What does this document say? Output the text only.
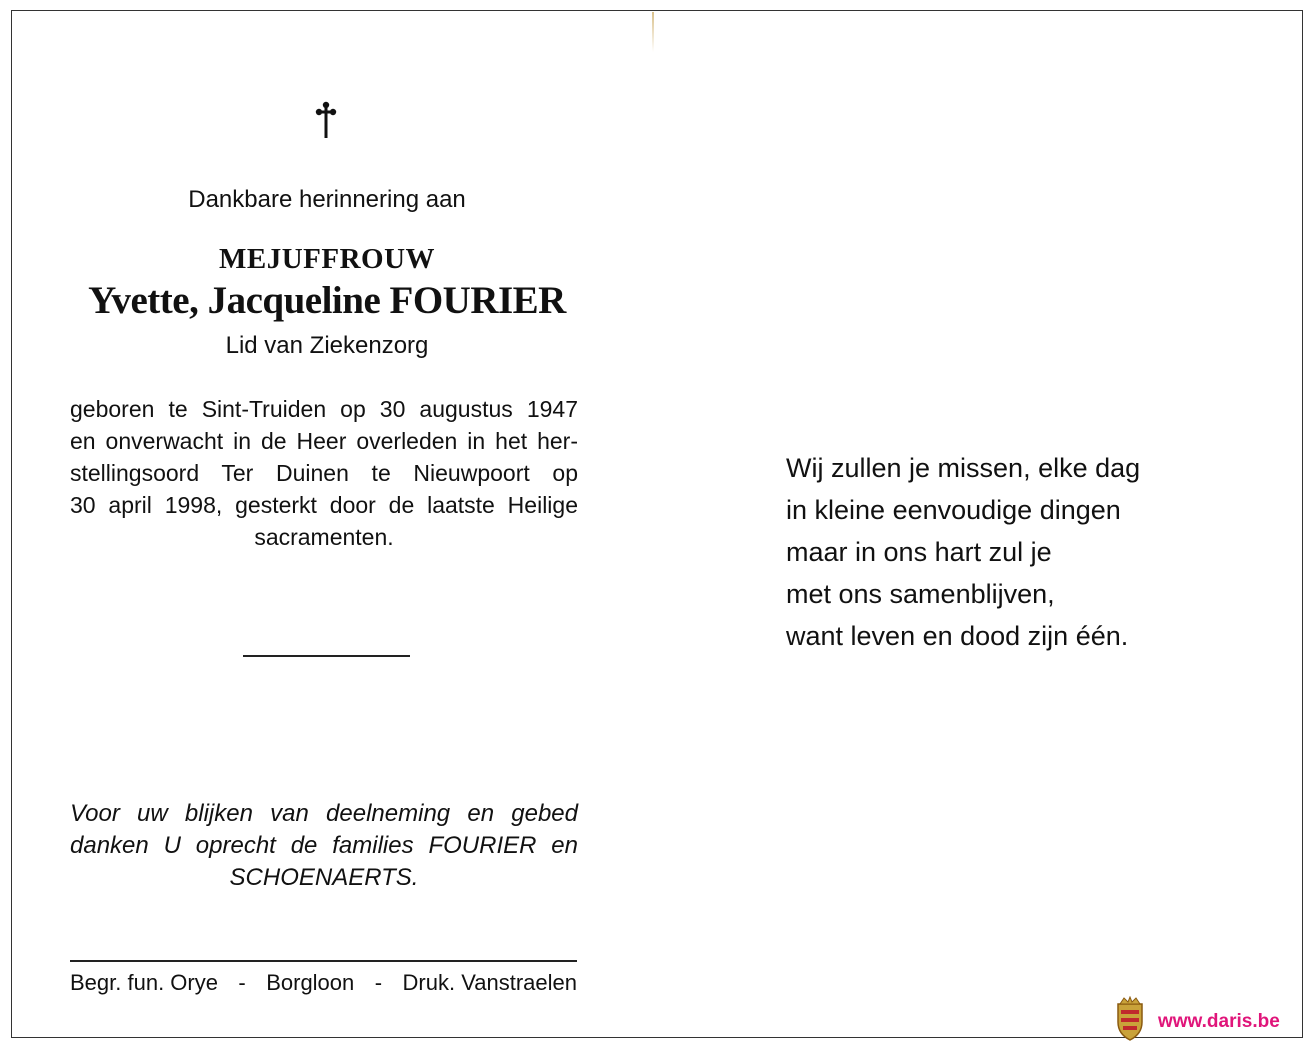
Dankbare herinnering aan
MEJUFFROUW
Yvette, Jacqueline FOURIER
Lid van Ziekenzorg
geboren te Sint-Truiden op 30 augustus 1947
en onverwacht in de Heer overleden in het her-
stellingsoord Ter Duinen te Nieuwpoort op
30 april 1998, gesterkt door de laatste Heilige
sacramenten.
Voor uw blijken van deelneming en gebed
danken U oprecht de families FOURIER en
SCHOENAERTS.
Begr. fun. Orye - Borgloon - Druk. Vanstraelen
Wij zullen je missen, elke dag
in kleine eenvoudige dingen
maar in ons hart zul je
met ons samenblijven,
want leven en dood zijn één.
www.daris.be
